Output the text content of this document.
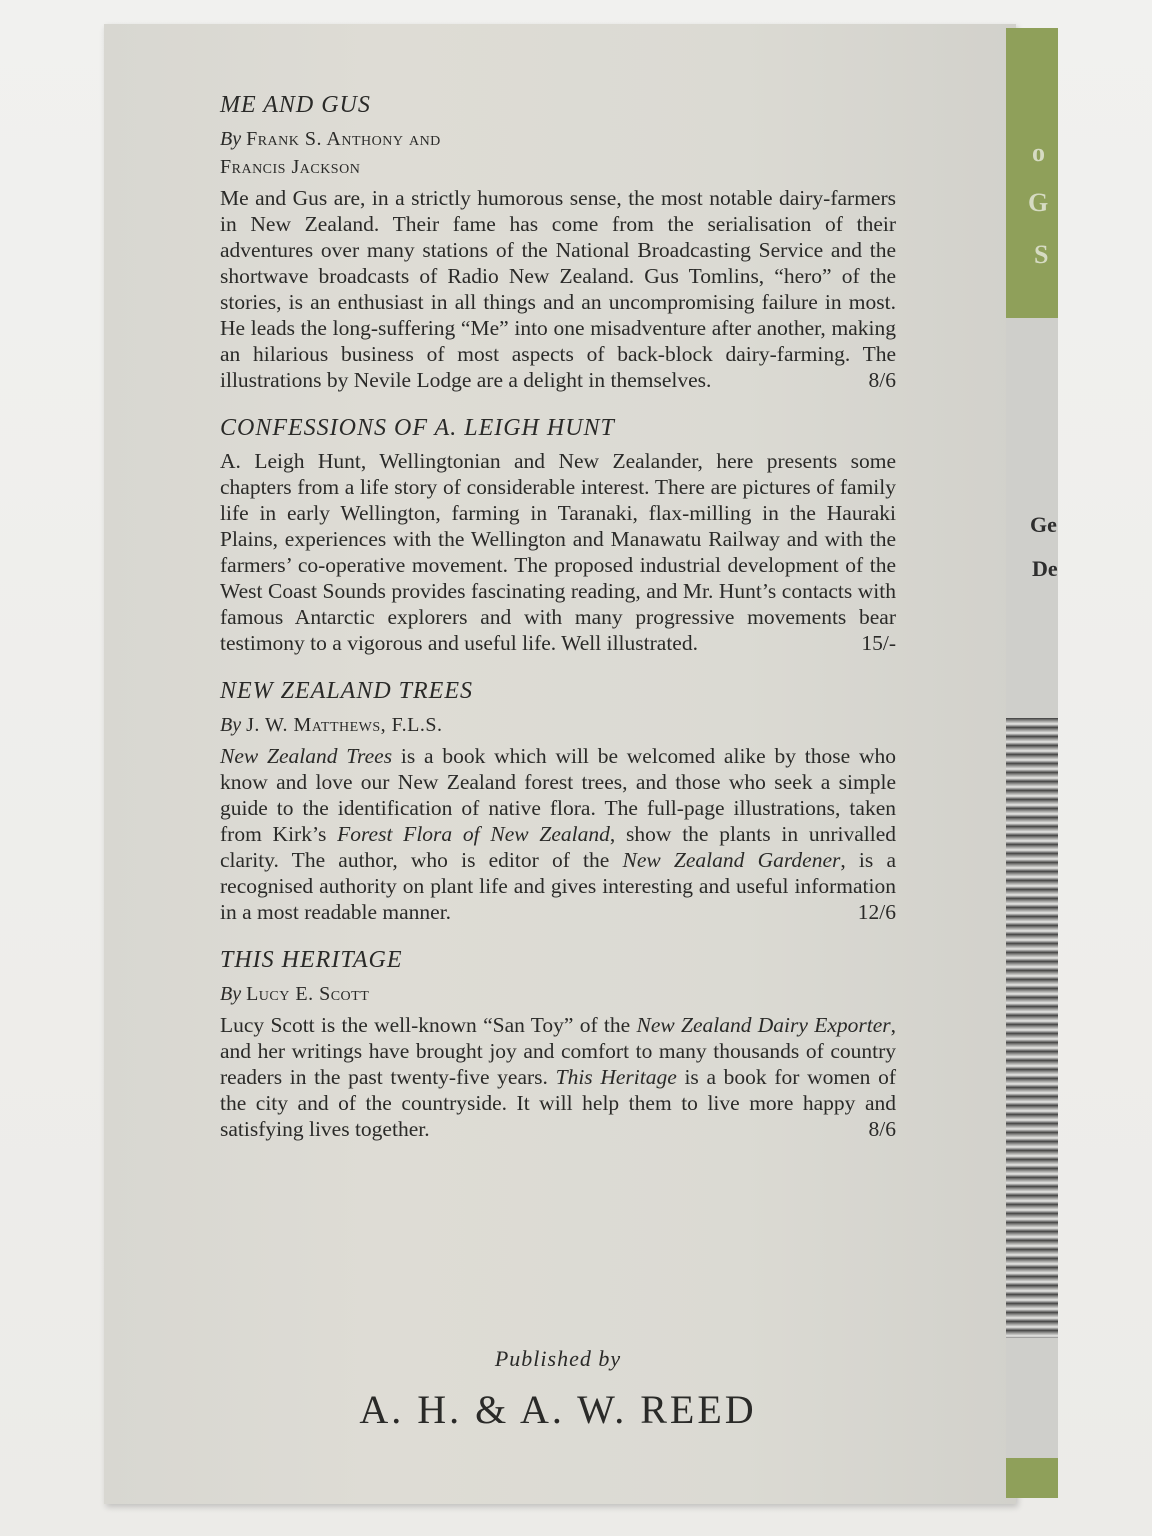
o
G
S
Ge
De

ME AND GUS

By Frank S. Anthony and
Francis Jackson

Me and Gus are, in a strictly humorous sense, the most notable dairy-farmers in New Zealand. Their fame has come from the serialisation of their adventures over many stations of the National Broadcasting Service and the shortwave broadcasts of Radio New Zealand. Gus Tomlins, “hero” of the stories, is an enthusiast in all things and an uncompromising failure in most. He leads the long-suffering “Me” into one misadventure after another, making an hilarious business of most aspects of back-block dairy-farming. The illustrations by Nevile Lodge are a delight in themselves.	8/6

CONFESSIONS OF A. LEIGH HUNT

A. Leigh Hunt, Wellingtonian and New Zealander, here presents some chapters from a life story of considerable interest. There are pictures of family life in early Wellington, farming in Taranaki, flax-milling in the Hauraki Plains, experiences with the Wellington and Manawatu Railway and with the farmers’ co-operative movement. The proposed industrial development of the West Coast Sounds provides fascinating reading, and Mr. Hunt’s contacts with famous Antarctic explorers and with many progressive movements bear testimony to a vigorous and useful life. Well illustrated.	15/-

NEW ZEALAND TREES

By J. W. Matthews, F.L.S.

New Zealand Trees is a book which will be welcomed alike by those who know and love our New Zealand forest trees, and those who seek a simple guide to the identification of native flora. The full-page illustrations, taken from Kirk’s Forest Flora of New Zealand, show the plants in unrivalled clarity. The author, who is editor of the New Zealand Gardener, is a recognised authority on plant life and gives interesting and useful information in a most readable manner.	12/6

THIS HERITAGE

By Lucy E. Scott

Lucy Scott is the well-known “San Toy” of the New Zealand Dairy Exporter, and her writings have brought joy and comfort to many thousands of country readers in the past twenty-five years. This Heritage is a book for women of the city and of the countryside. It will help them to live more happy and satisfying lives together.	8/6

Published by

A. H. & A. W. REED
